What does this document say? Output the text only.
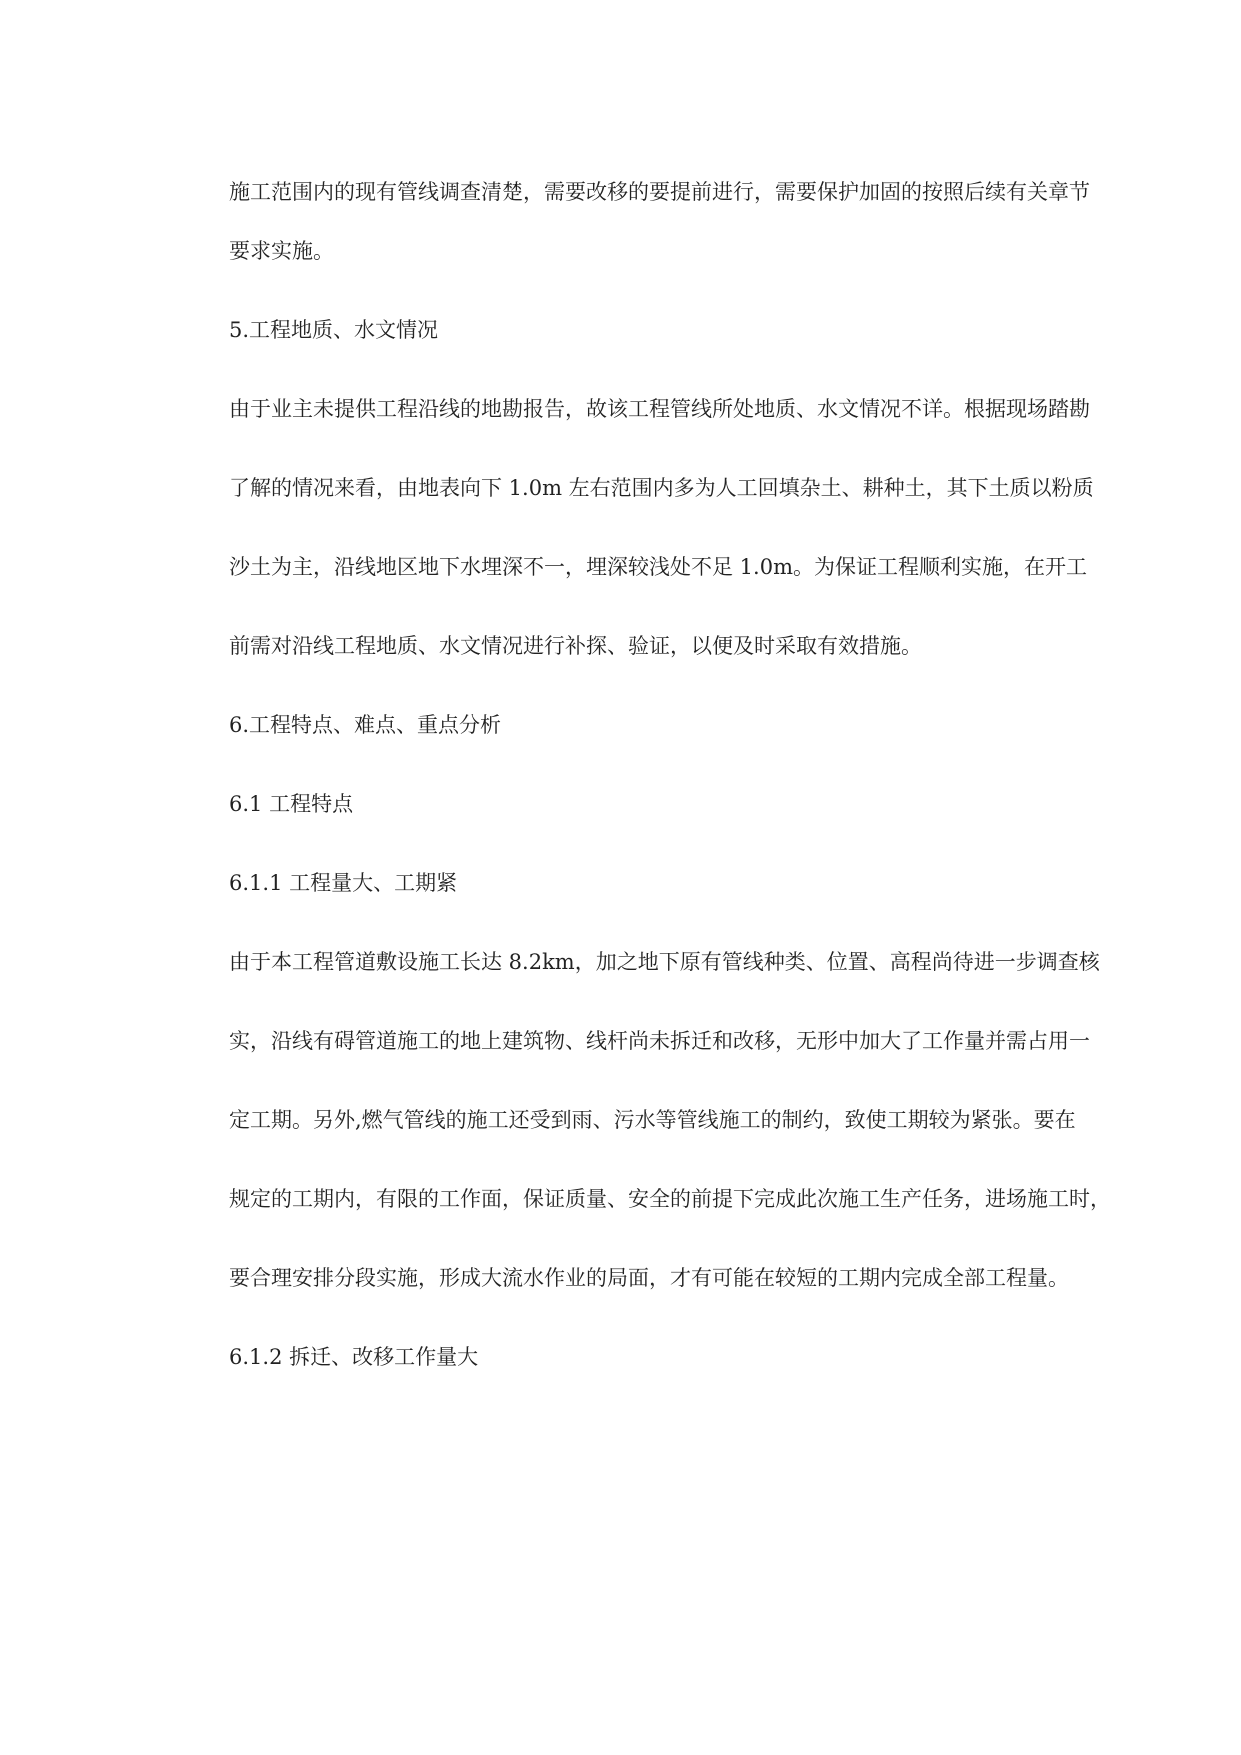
施工范围内的现有管线调查清楚，需要改移的要提前进行，需要保护加固的按照后续有关章节
要求实施。
5.工程地质、水文情况
由于业主未提供工程沿线的地勘报告，故该工程管线所处地质、水文情况不详。根据现场踏勘
了解的情况来看，由地表向下 1.0m 左右范围内多为人工回填杂土、耕种土，其下土质以粉质
沙土为主，沿线地区地下水埋深不一，埋深较浅处不足 1.0m。为保证工程顺利实施，在开工
前需对沿线工程地质、水文情况进行补探、验证，以便及时采取有效措施。
6.工程特点、难点、重点分析
6.1 工程特点
6.1.1 工程量大、工期紧
由于本工程管道敷设施工长达 8.2km，加之地下原有管线种类、位置、高程尚待进一步调查核
实，沿线有碍管道施工的地上建筑物、线杆尚未拆迁和改移，无形中加大了工作量并需占用一
定工期。另外,燃气管线的施工还受到雨、污水等管线施工的制约，致使工期较为紧张。要在
规定的工期内，有限的工作面，保证质量、安全的前提下完成此次施工生产任务，进场施工时，
要合理安排分段实施，形成大流水作业的局面，才有可能在较短的工期内完成全部工程量。
6.1.2 拆迁、改移工作量大
